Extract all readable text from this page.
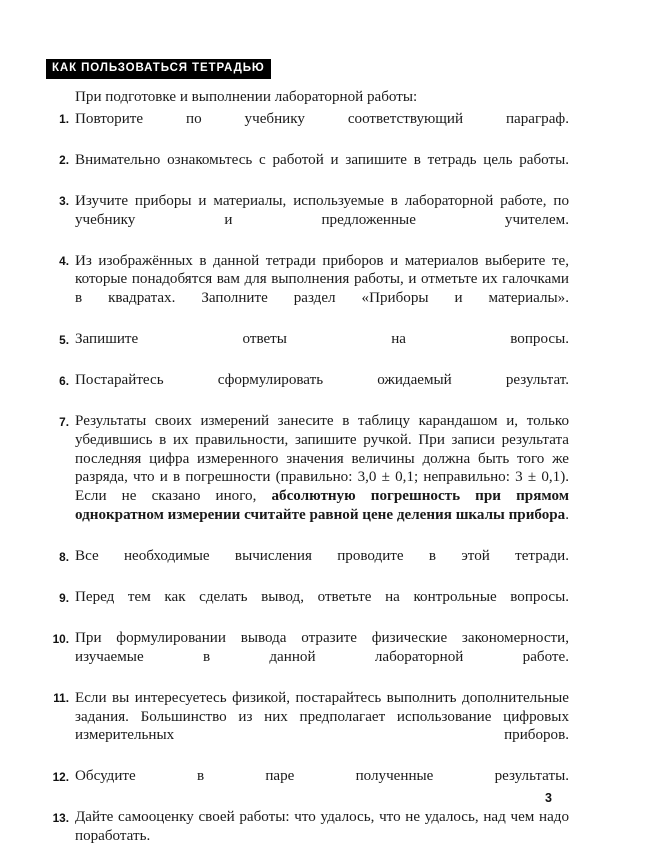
КАК ПОЛЬЗОВАТЬСЯ ТЕТРАДЬЮ

При подготовке и выполнении лабораторной работы:

1. Повторите по учебнику соответствующий параграф.
2. Внимательно ознакомьтесь с работой и запишите в тетрадь цель работы.
3. Изучите приборы и материалы, используемые в лабораторной работе, по учебнику и предложенные учителем.
4. Из изображённых в данной тетради приборов и материалов выберите те, которые понадобятся вам для выполнения работы, и отметьте их галочками в квадратах. Заполните раздел «Приборы и материалы».
5. Запишите ответы на вопросы.
6. Постарайтесь сформулировать ожидаемый результат.
7. Результаты своих измерений занесите в таблицу карандашом и, только убедившись в их правильности, запишите ручкой. При записи результата последняя цифра измеренного значения величины должна быть того же разряда, что и в погрешности (правильно: 3,0 ± 0,1; неправильно: 3 ± 0,1). Если не сказано иного, абсолютную погрешность при прямом однократном измерении считайте равной цене деления шкалы прибора.
8. Все необходимые вычисления проводите в этой тетради.
9. Перед тем как сделать вывод, ответьте на контрольные вопросы.
10. При формулировании вывода отразите физические закономерности, изучаемые в данной лабораторной работе.
11. Если вы интересуетесь физикой, постарайтесь выполнить дополнительные задания. Большинство из них предполагает использование цифровых измерительных приборов.
12. Обсудите в паре полученные результаты.
13. Дайте самооценку своей работы: что удалось, что не удалось, над чем надо поработать.
3
